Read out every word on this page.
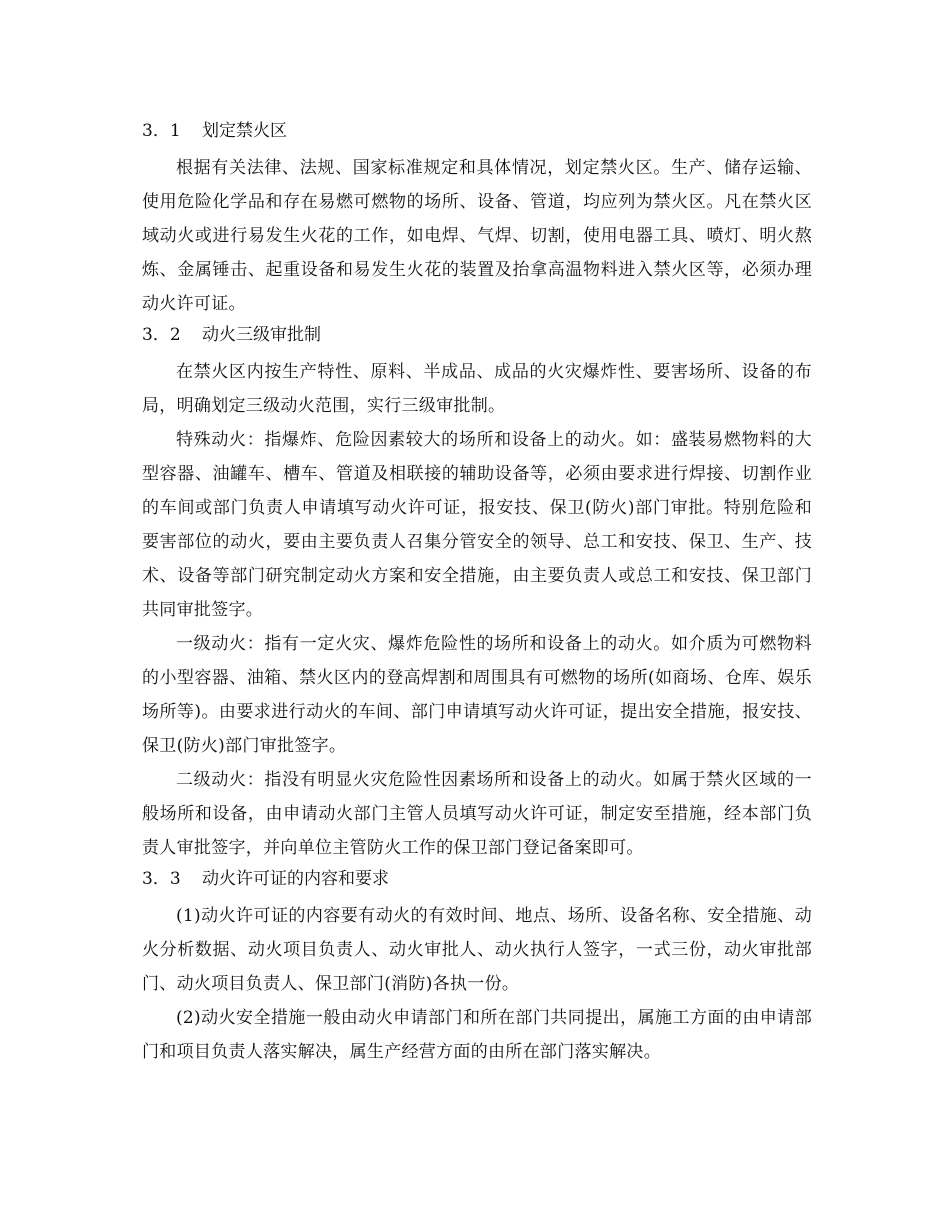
3．1 划定禁火区

根据有关法律、法规、国家标准规定和具体情况，划定禁火区。生产、储存运输、使用危险化学品和存在易燃可燃物的场所、设备、管道，均应列为禁火区。凡在禁火区域动火或进行易发生火花的工作，如电焊、气焊、切割，使用电器工具、喷灯、明火熬炼、金属锤击、起重设备和易发生火花的装置及抬拿高温物料进入禁火区等，必须办理动火许可证。

3．2 动火三级审批制

在禁火区内按生产特性、原料、半成品、成品的火灾爆炸性、要害场所、设备的布局，明确划定三级动火范围，实行三级审批制。

特殊动火：指爆炸、危险因素较大的场所和设备上的动火。如：盛装易燃物料的大型容器、油罐车、槽车、管道及相联接的辅助设备等，必须由要求进行焊接、切割作业的车间或部门负责人申请填写动火许可证，报安技、保卫(防火)部门审批。特别危险和要害部位的动火，要由主要负责人召集分管安全的领导、总工和安技、保卫、生产、技术、设备等部门研究制定动火方案和安全措施，由主要负责人或总工和安技、保卫部门共同审批签字。

一级动火：指有一定火灾、爆炸危险性的场所和设备上的动火。如介质为可燃物料的小型容器、油箱、禁火区内的登高焊割和周围具有可燃物的场所(如商场、仓库、娱乐场所等)。由要求进行动火的车间、部门申请填写动火许可证，提出安全措施，报安技、保卫(防火)部门审批签字。

二级动火：指没有明显火灾危险性因素场所和设备上的动火。如属于禁火区域的一般场所和设备，由申请动火部门主管人员填写动火许可证，制定安至措施，经本部门负责人审批签字，并向单位主管防火工作的保卫部门登记备案即可。

3．3 动火许可证的内容和要求

(1)动火许可证的内容要有动火的有效时间、地点、场所、设备名称、安全措施、动火分析数据、动火项目负责人、动火审批人、动火执行人签字，一式三份，动火审批部门、动火项目负责人、保卫部门(消防)各执一份。

(2)动火安全措施一般由动火申请部门和所在部门共同提出，属施工方面的由申请部门和项目负责人落实解决，属生产经营方面的由所在部门落实解决。
